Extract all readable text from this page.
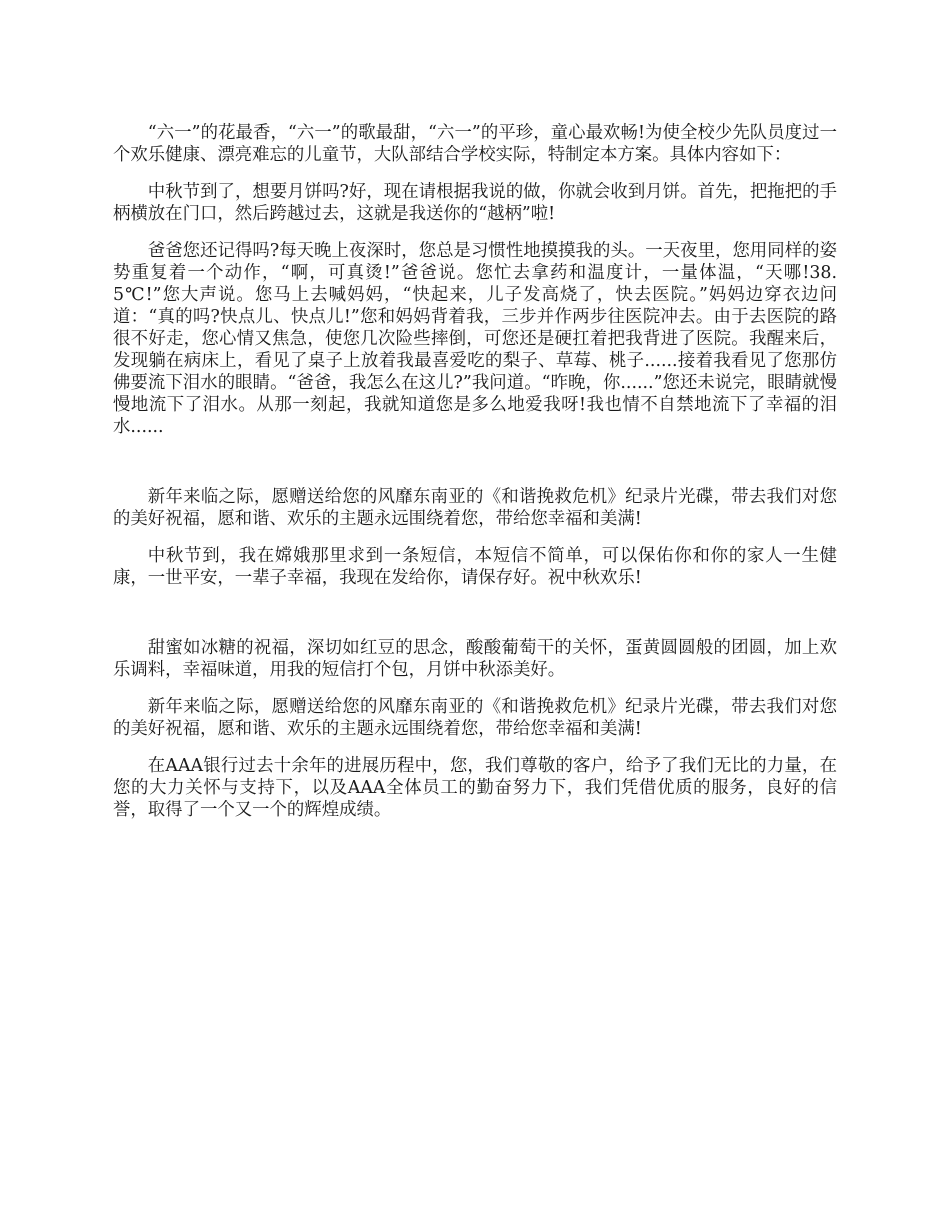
“六一”的花最香，“六一”的歌最甜，“六一”的平珍，童心最欢畅!为使全校少先队员度过一个欢乐健康、漂亮难忘的儿童节，大队部结合学校实际，特制定本方案。具体内容如下：

中秋节到了，想要月饼吗?好，现在请根据我说的做，你就会收到月饼。首先，把拖把的手柄横放在门口，然后跨越过去，这就是我送你的“越柄”啦!

爸爸您还记得吗?每天晚上夜深时，您总是习惯性地摸摸我的头。一天夜里，您用同样的姿势重复着一个动作，“啊，可真烫!”爸爸说。您忙去拿药和温度计，一量体温，“天哪!38.5℃!”您大声说。您马上去喊妈妈，“快起来，儿子发高烧了，快去医院。”妈妈边穿衣边问道：“真的吗?快点儿、快点儿!”您和妈妈背着我，三步并作两步往医院冲去。由于去医院的路很不好走，您心情又焦急，使您几次险些摔倒，可您还是硬扛着把我背进了医院。我醒来后，发现躺在病床上，看见了桌子上放着我最喜爱吃的梨子、草莓、桃子......接着我看见了您那仿佛要流下泪水的眼睛。“爸爸，我怎么在这儿?”我问道。“昨晚，你......”您还未说完，眼睛就慢慢地流下了泪水。从那一刻起，我就知道您是多么地爱我呀!我也情不自禁地流下了幸福的泪水......

新年来临之际，愿赠送给您的风靡东南亚的《和谐挽救危机》纪录片光碟，带去我们对您的美好祝福，愿和谐、欢乐的主题永远围绕着您，带给您幸福和美满!

中秋节到，我在嫦娥那里求到一条短信，本短信不简单，可以保佑你和你的家人一生健康，一世平安，一辈子幸福，我现在发给你，请保存好。祝中秋欢乐!

甜蜜如冰糖的祝福，深切如红豆的思念，酸酸葡萄干的关怀，蛋黄圆圆般的团圆，加上欢乐调料，幸福味道，用我的短信打个包，月饼中秋添美好。

新年来临之际，愿赠送给您的风靡东南亚的《和谐挽救危机》纪录片光碟，带去我们对您的美好祝福，愿和谐、欢乐的主题永远围绕着您，带给您幸福和美满!

在AAA银行过去十余年的进展历程中，您，我们尊敬的客户，给予了我们无比的力量，在您的大力关怀与支持下，以及AAA全体员工的勤奋努力下，我们凭借优质的服务，良好的信誉，取得了一个又一个的辉煌成绩。
